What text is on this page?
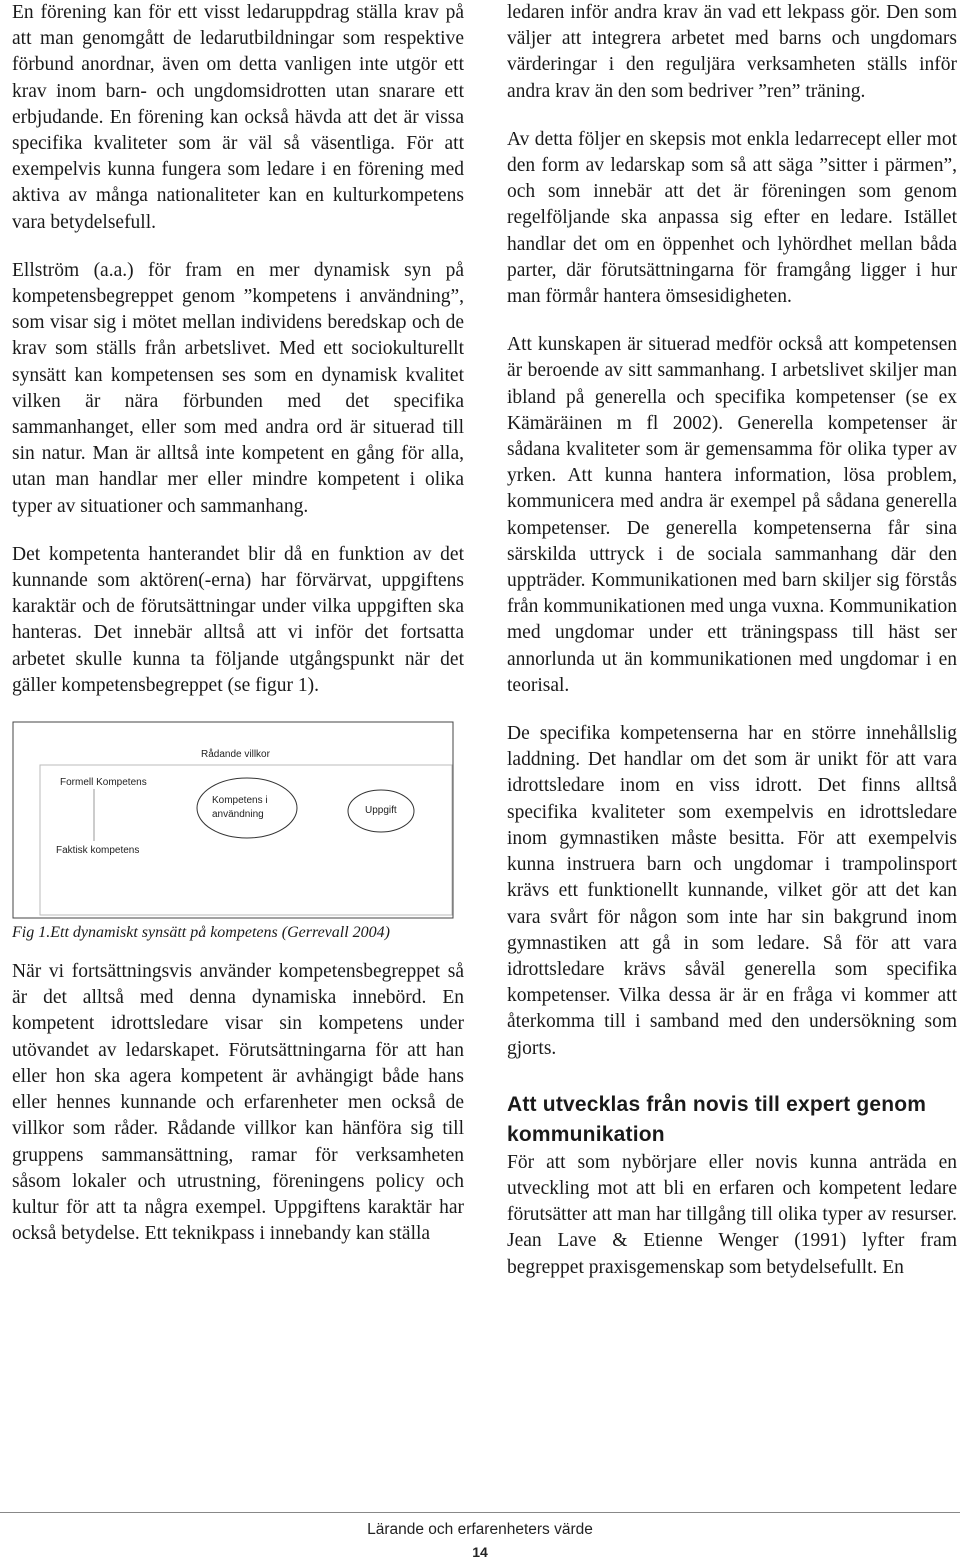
En förening kan för ett visst ledaruppdrag ställa krav på att man genomgått de ledarutbildningar som respektive förbund anordnar, även om detta vanligen inte utgör ett krav inom barn- och ungdomsidrotten utan snarare ett erbjudande. En förening kan också hävda att det är vissa specifika kvaliteter som är väl så väsentliga. För att exempelvis kunna fungera som ledare i en förening med aktiva av många nationaliteter kan en kulturkompetens vara betydelsefull.

Ellström (a.a.) för fram en mer dynamisk syn på kompetensbegreppet genom ”kompetens i användning”, som visar sig i mötet mellan individens beredskap och de krav som ställs från arbetslivet. Med ett sociokulturellt synsätt kan kompetensen ses som en dynamisk kvalitet vilken är nära förbunden med det specifika sammanhanget, eller som med andra ord är situerad till sin natur. Man är alltså inte kompetent en gång för alla, utan man handlar mer eller mindre kompetent i olika typer av situationer och sammanhang.

Det kompetenta hanterandet blir då en funktion av det kunnande som aktören(-erna) har förvärvat, uppgiftens karaktär och de förutsättningar under vilka uppgiften ska hanteras. Det innebär alltså att vi inför det fortsatta arbetet skulle kunna ta följande utgångspunkt när det gäller kompetensbegreppet (se figur 1).

Rådande villkor
Formell Kompetens
Kompetens i
användning	Uppgift
Faktisk kompetens
Fig 1.Ett dynamiskt synsätt på kompetens (Gerrevall 2004)

När vi fortsättningsvis använder kompetensbegreppet så är det alltså med denna dynamiska innebörd. En kompetent idrottsledare visar sin kompetens under utövandet av ledarskapet. Förutsättningarna för att han eller hon ska agera kompetent är avhängigt både hans eller hennes kunnande och erfarenheter men också de villkor som råder. Rådande villkor kan hänföra sig till gruppens sammansättning, ramar för verksamheten såsom lokaler och utrustning, föreningens policy och kultur för att ta några exempel. Uppgiftens karaktär har också betydelse. Ett teknikpass i innebandy kan ställa

ledaren inför andra krav än vad ett lekpass gör. Den som väljer att integrera arbetet med barns och ungdomars värderingar i den reguljära verksamheten ställs inför andra krav än den som bedriver ”ren” träning.

Av detta följer en skepsis mot enkla ledarrecept eller mot den form av ledarskap som så att säga ”sitter i pärmen”, och som innebär att det är föreningen som genom regelföljande ska anpassa sig efter en ledare. Istället handlar det om en öppenhet och lyhördhet mellan båda parter, där förutsättningarna för framgång ligger i hur man förmår hantera ömsesidigheten.

Att kunskapen är situerad medför också att kompetensen är beroende av sitt sammanhang. I arbetslivet skiljer man ibland på generella och specifika kompetenser (se ex Kämäräinen m fl 2002). Generella kompetenser är sådana kvaliteter som är gemensamma för olika typer av yrken. Att kunna hantera information, lösa problem, kommunicera med andra är exempel på sådana generella kompetenser. De generella kompetenserna får sina särskilda uttryck i de sociala sammanhang där den uppträder. Kommunikationen med barn skiljer sig förstås från kommunikationen med unga vuxna. Kommunikation med ungdomar under ett träningspass till häst ser annorlunda ut än kommunikationen med ungdomar i en teorisal.

De specifika kompetenserna har en större innehållslig laddning. Det handlar om det som är unikt för att vara idrottsledare inom en viss idrott. Det finns alltså specifika kvaliteter som exempelvis en idrottsledare inom gymnastiken måste besitta. För att exempelvis kunna instruera barn och ungdomar i trampolinsport krävs ett funktionellt kunnande, vilket gör att det kan vara svårt för någon som inte har sin bakgrund inom gymnastiken att gå in som ledare. Så för att vara idrottsledare krävs såväl generella som specifika kompetenser. Vilka dessa är är en fråga vi kommer att återkomma till i samband med den undersökning som gjorts.

Att utvecklas från novis till expert genom kommunikation

För att som nybörjare eller novis kunna anträda en utveckling mot att bli en erfaren och kompetent ledare förutsätter att man har tillgång till olika typer av resurser. Jean Lave & Etienne Wenger (1991) lyfter fram begreppet praxisgemenskap som betydelsefullt. En

Lärande och erfarenheters värde
14
